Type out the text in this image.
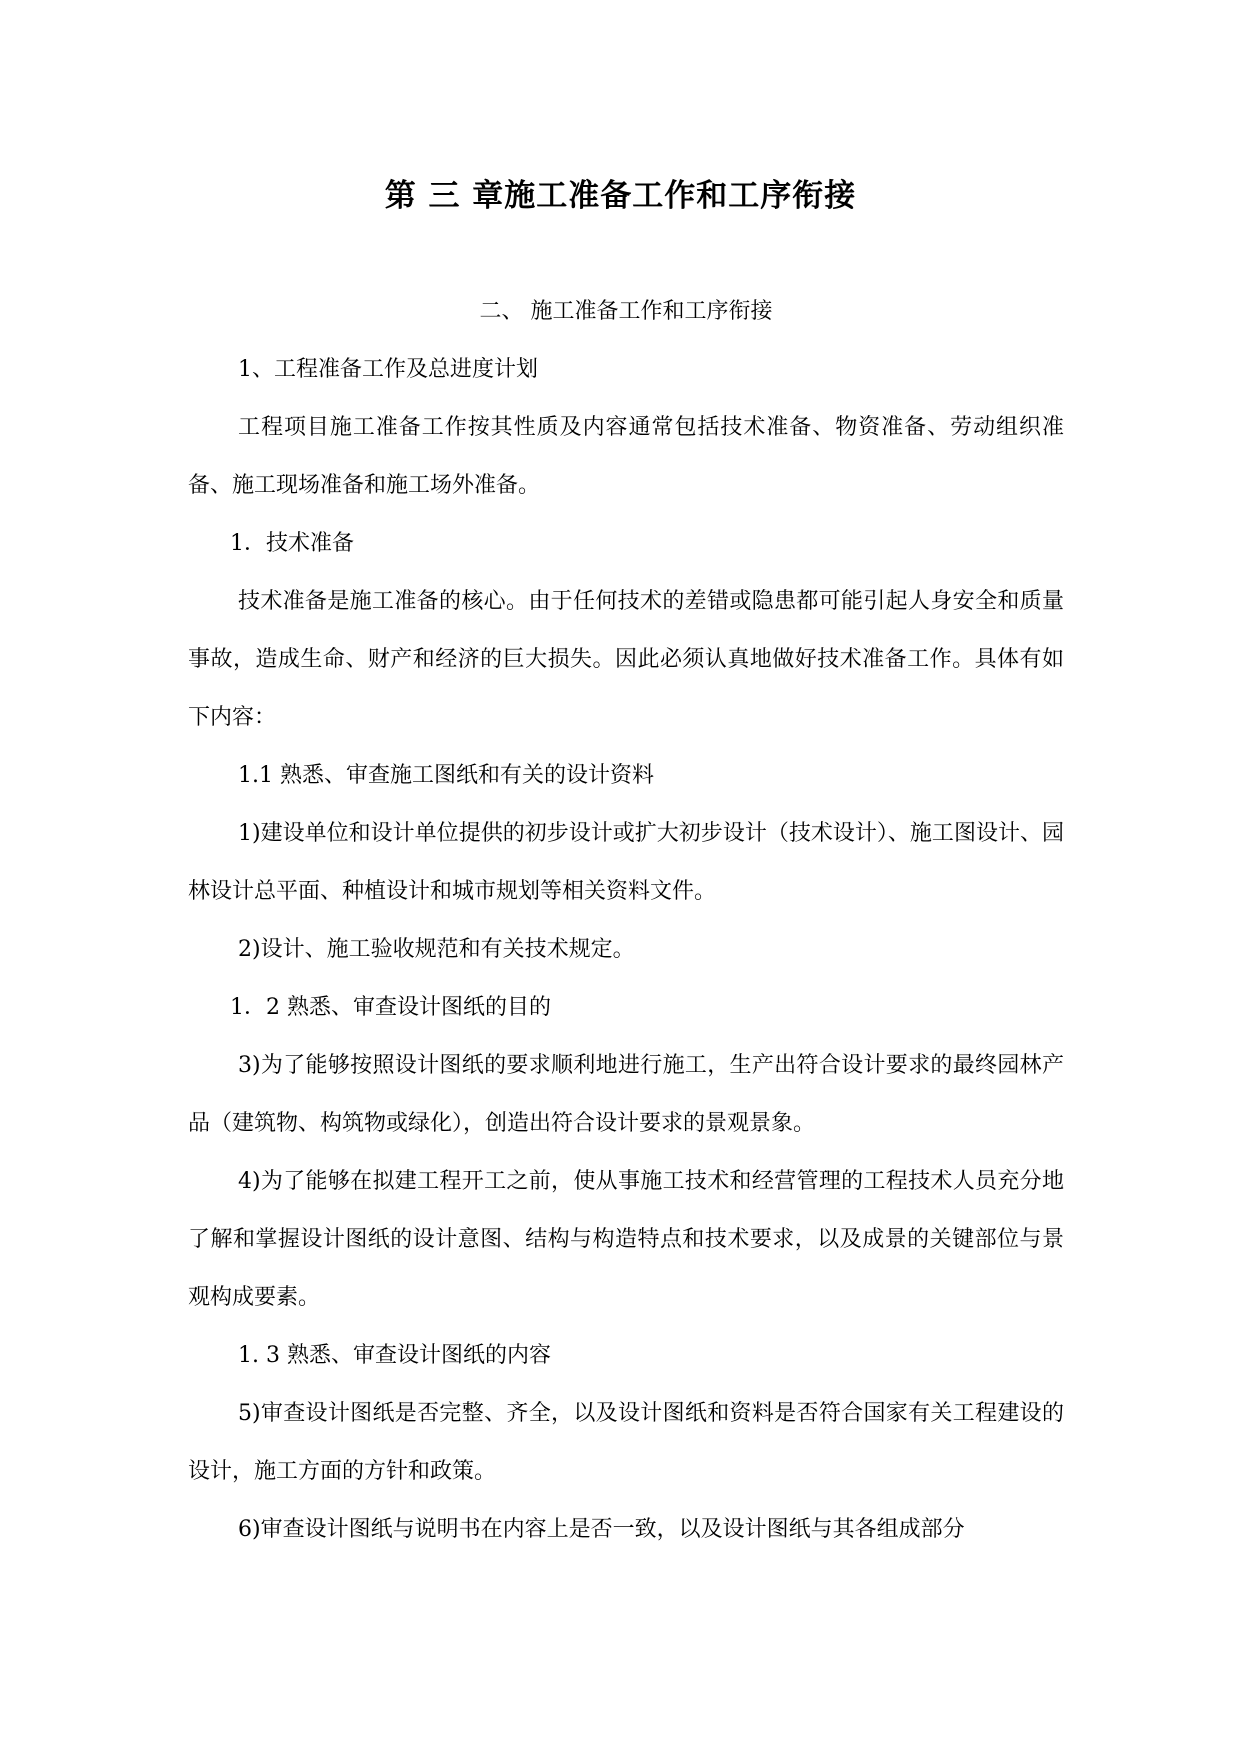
第 三 章施工准备工作和工序衔接

二、 施工准备工作和工序衔接

1、工程准备工作及总进度计划

工程项目施工准备工作按其性质及内容通常包括技术准备、物资准备、劳动组织准备、施工现场准备和施工场外准备。

1．技术准备

技术准备是施工准备的核心。由于任何技术的差错或隐患都可能引起人身安全和质量事故，造成生命、财产和经济的巨大损失。因此必须认真地做好技术准备工作。具体有如下内容：

1.1 熟悉、审查施工图纸和有关的设计资料

1)建设单位和设计单位提供的初步设计或扩大初步设计（技术设计）、施工图设计、园林设计总平面、种植设计和城市规划等相关资料文件。

2)设计、施工验收规范和有关技术规定。

1．2 熟悉、审查设计图纸的目的

3)为了能够按照设计图纸的要求顺利地进行施工，生产出符合设计要求的最终园林产品（建筑物、构筑物或绿化），创造出符合设计要求的景观景象。

4)为了能够在拟建工程开工之前，使从事施工技术和经营管理的工程技术人员充分地了解和掌握设计图纸的设计意图、结构与构造特点和技术要求，以及成景的关键部位与景观构成要素。

1. 3 熟悉、审查设计图纸的内容

5)审查设计图纸是否完整、齐全，以及设计图纸和资料是否符合国家有关工程建设的设计，施工方面的方针和政策。

6)审查设计图纸与说明书在内容上是否一致，以及设计图纸与其各组成部分
